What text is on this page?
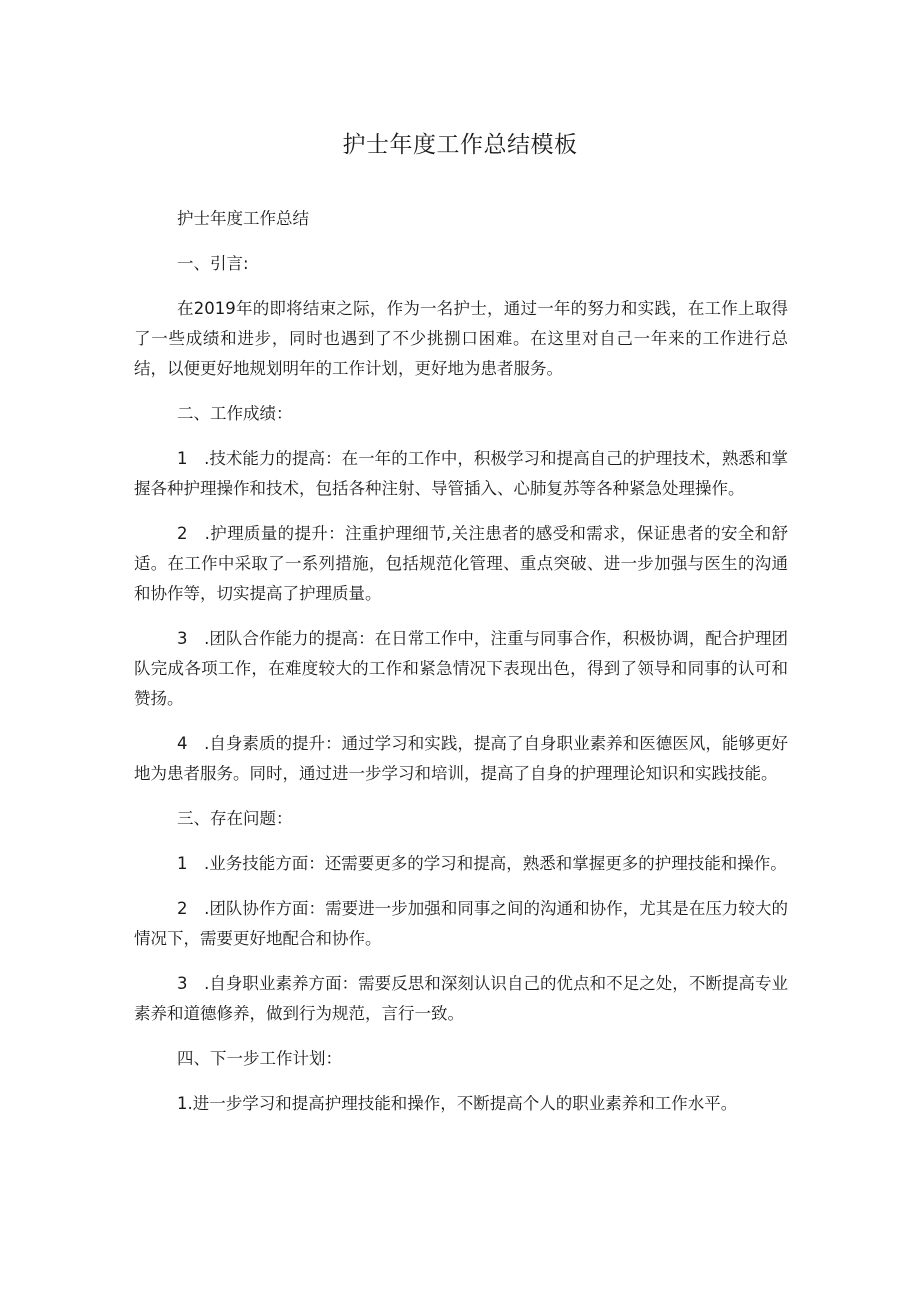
护士年度工作总结模板

护士年度工作总结

一、引言:

在2019年的即将结束之际，作为一名护士，通过一年的努力和实践，在工作上取得了一些成绩和进步，同时也遇到了不少挑捌口困难。在这里对自己一年来的工作进行总结，以便更好地规划明年的工作计划，更好地为患者服务。

二、工作成绩：

1　.技术能力的提高：在一年的工作中，积极学习和提高自己的护理技术，熟悉和掌握各种护理操作和技术，包括各种注射、导管插入、心肺复苏等各种紧急处理操作。

2　.护理质量的提升：注重护理细节,关注患者的感受和需求，保证患者的安全和舒适。在工作中采取了一系列措施，包括规范化管理、重点突破、进一步加强与医生的沟通和协作等，切实提高了护理质量。

3　.团队合作能力的提高：在日常工作中，注重与同事合作，积极协调，配合护理团队完成各项工作，在难度较大的工作和紧急情况下表现出色，得到了领导和同事的认可和赞扬。

4　.自身素质的提升：通过学习和实践，提高了自身职业素养和医德医风，能够更好地为患者服务。同时，通过进一步学习和培训，提高了自身的护理理论知识和实践技能。

三、存在问题：

1　.业务技能方面：还需要更多的学习和提高，熟悉和掌握更多的护理技能和操作。

2　.团队协作方面：需要进一步加强和同事之间的沟通和协作，尤其是在压力较大的情况下，需要更好地配合和协作。

3　.自身职业素养方面：需要反思和深刻认识自己的优点和不足之处，不断提高专业素养和道德修养，做到行为规范，言行一致。

四、下一步工作计划：

1.进一步学习和提高护理技能和操作，不断提高个人的职业素养和工作水平。
